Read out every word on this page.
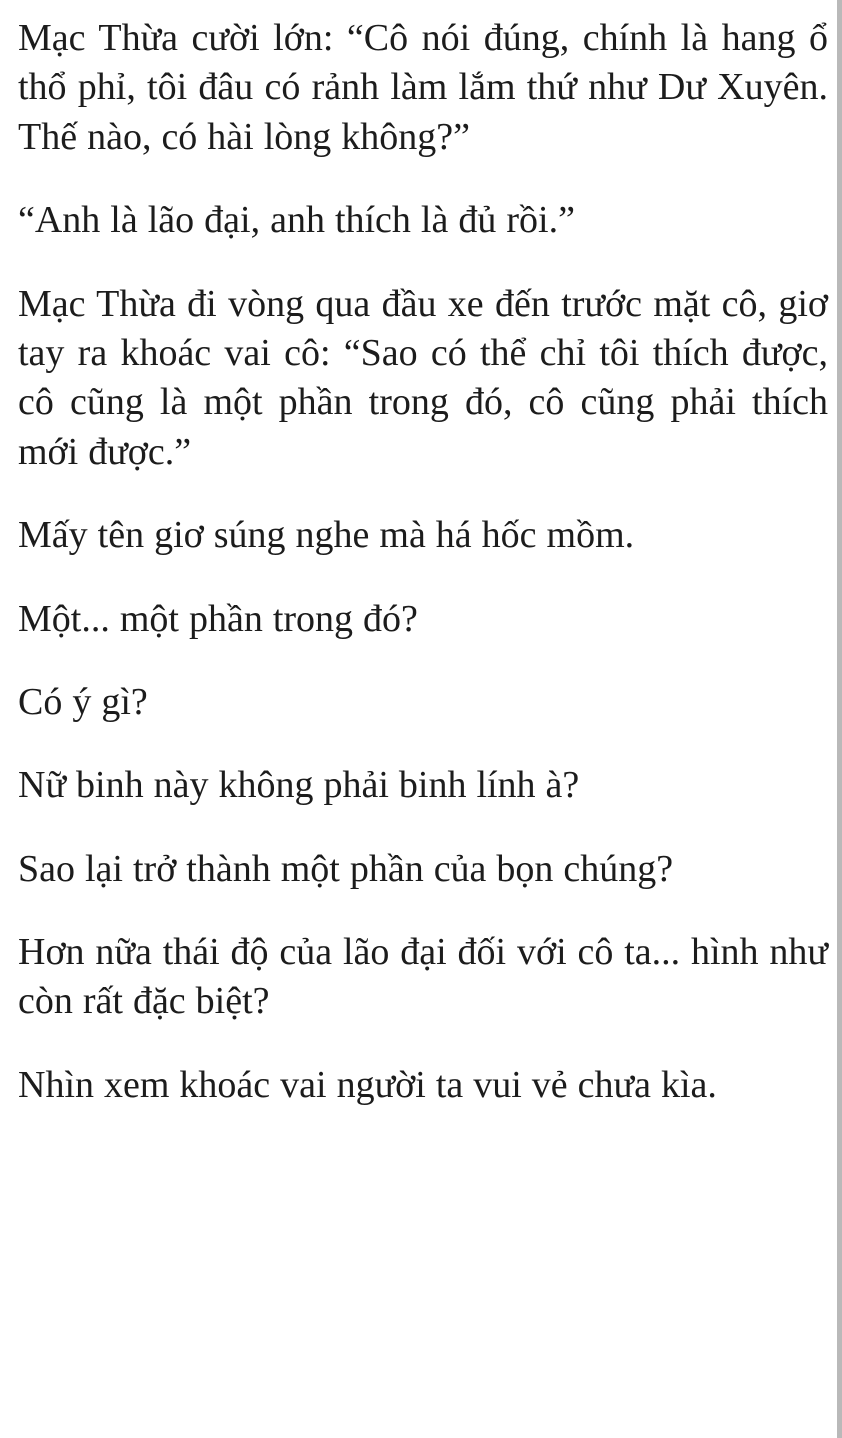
Mạc Thừa cười lớn: “Cô nói đúng, chính là hang ổ thổ phỉ, tôi đâu có rảnh làm lắm thứ như Dư Xuyên. Thế nào, có hài lòng không?”

“Anh là lão đại, anh thích là đủ rồi.”

Mạc Thừa đi vòng qua đầu xe đến trước mặt cô, giơ tay ra khoác vai cô: “Sao có thể chỉ tôi thích được, cô cũng là một phần trong đó, cô cũng phải thích mới được.”

Mấy tên giơ súng nghe mà há hốc mồm.

Một... một phần trong đó?

Có ý gì?

Nữ binh này không phải binh lính à?

Sao lại trở thành một phần của bọn chúng?

Hơn nữa thái độ của lão đại đối với cô ta... hình như còn rất đặc biệt?

Nhìn xem khoác vai người ta vui vẻ chưa kìa.
